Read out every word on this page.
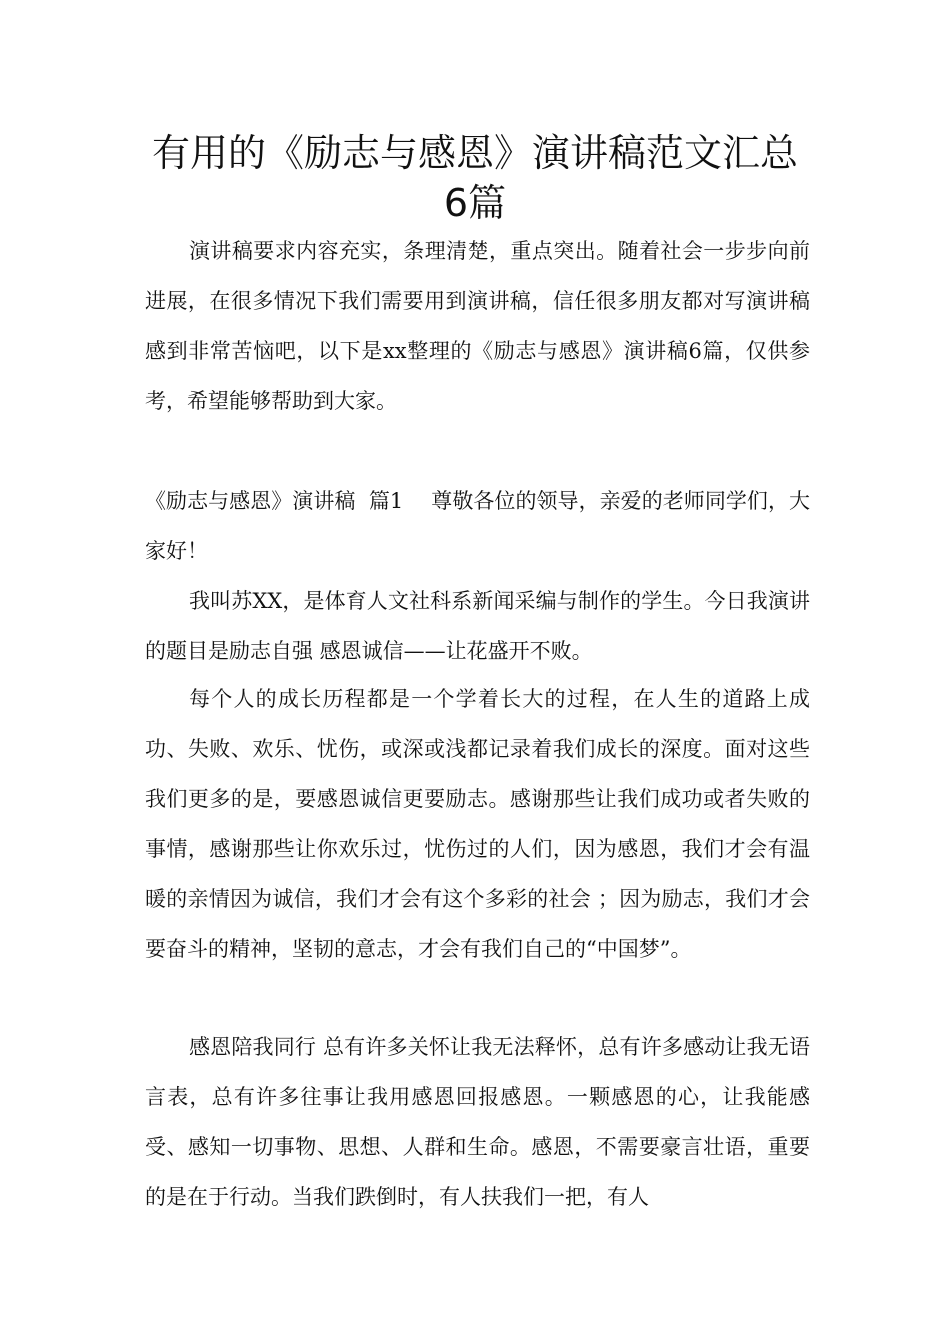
有用的《励志与感恩》演讲稿范文汇总
6篇

演讲稿要求内容充实，条理清楚，重点突出。随着社会一步步向前进展，在很多情况下我们需要用到演讲稿，信任很多朋友都对写演讲稿感到非常苦恼吧，以下是xx整理的《励志与感恩》演讲稿6篇，仅供参考，希望能够帮助到大家。

《励志与感恩》演讲稿  篇1 尊敬各位的领导，亲爱的老师同学们，大家好！

我叫苏XX，是体育人文社科系新闻采编与制作的学生。今日我演讲的题目是励志自强 感恩诚信——让花盛开不败。

每个人的成长历程都是一个学着长大的过程，在人生的道路上成功、失败、欢乐、忧伤，或深或浅都记录着我们成长的深度。面对这些我们更多的是，要感恩诚信更要励志。感谢那些让我们成功或者失败的事情，感谢那些让你欢乐过，忧伤过的人们，因为感恩，我们才会有温暖的亲情因为诚信，我们才会有这个多彩的社会 ；因为励志，我们才会要奋斗的精神，坚韧的意志，才会有我们自己的“中国梦”。

感恩陪我同行 总有许多关怀让我无法释怀，总有许多感动让我无语言表，总有许多往事让我用感恩回报感恩。一颗感恩的心，让我能感受、感知一切事物、思想、人群和生命。感恩，不需要豪言壮语，重要的是在于行动。当我们跌倒时，有人扶我们一把，有人
